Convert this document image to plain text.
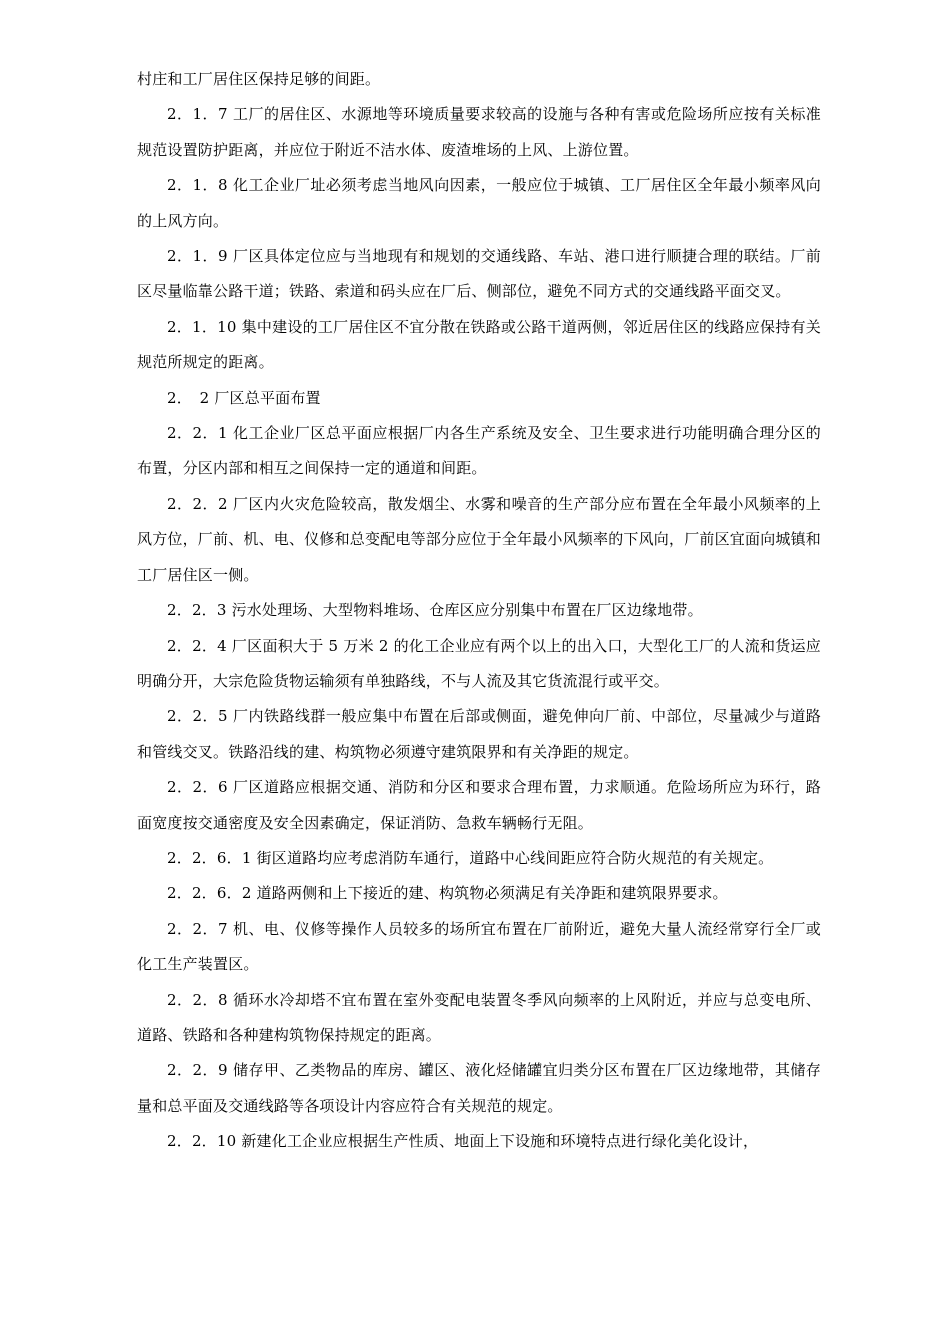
村庄和工厂居住区保持足够的间距。

2．1．7 工厂的居住区、水源地等环境质量要求较高的设施与各种有害或危险场所应按有关标准规范设置防护距离，并应位于附近不洁水体、废渣堆场的上风、上游位置。

2．1．8 化工企业厂址必须考虑当地风向因素，一般应位于城镇、工厂居住区全年最小频率风向的上风方向。

2．1．9 厂区具体定位应与当地现有和规划的交通线路、车站、港口进行顺捷合理的联结。厂前区尽量临靠公路干道；铁路、索道和码头应在厂后、侧部位，避免不同方式的交通线路平面交叉。

2．1．10 集中建设的工厂居住区不宜分散在铁路或公路干道两侧，邻近居住区的线路应保持有关规范所规定的距离。

2．　2 厂区总平面布置

2．2．1 化工企业厂区总平面应根据厂内各生产系统及安全、卫生要求进行功能明确合理分区的布置，分区内部和相互之间保持一定的通道和间距。

2．2．2 厂区内火灾危险较高，散发烟尘、水雾和噪音的生产部分应布置在全年最小风频率的上风方位，厂前、机、电、仪修和总变配电等部分应位于全年最小风频率的下风向，厂前区宜面向城镇和工厂居住区一侧。

2．2．3 污水处理场、大型物料堆场、仓库区应分别集中布置在厂区边缘地带。

2．2．4 厂区面积大于 5 万米 2 的化工企业应有两个以上的出入口，大型化工厂的人流和货运应明确分开，大宗危险货物运输须有单独路线，不与人流及其它货流混行或平交。

2．2．5 厂内铁路线群一般应集中布置在后部或侧面，避免伸向厂前、中部位，尽量减少与道路和管线交叉。铁路沿线的建、构筑物必须遵守建筑限界和有关净距的规定。

2．2．6 厂区道路应根据交通、消防和分区和要求合理布置，力求顺通。危险场所应为环行，路面宽度按交通密度及安全因素确定，保证消防、急救车辆畅行无阻。

2．2．6．1 街区道路均应考虑消防车通行，道路中心线间距应符合防火规范的有关规定。

2．2．6．2 道路两侧和上下接近的建、构筑物必须满足有关净距和建筑限界要求。

2．2．7 机、电、仪修等操作人员较多的场所宜布置在厂前附近，避免大量人流经常穿行全厂或化工生产装置区。

2．2．8 循环水冷却塔不宜布置在室外变配电装置冬季风向频率的上风附近，并应与总变电所、道路、铁路和各种建构筑物保持规定的距离。

2．2．9 储存甲、乙类物品的库房、罐区、液化烃储罐宜归类分区布置在厂区边缘地带，其储存量和总平面及交通线路等各项设计内容应符合有关规范的规定。

2．2．10 新建化工企业应根据生产性质、地面上下设施和环境特点进行绿化美化设计，
